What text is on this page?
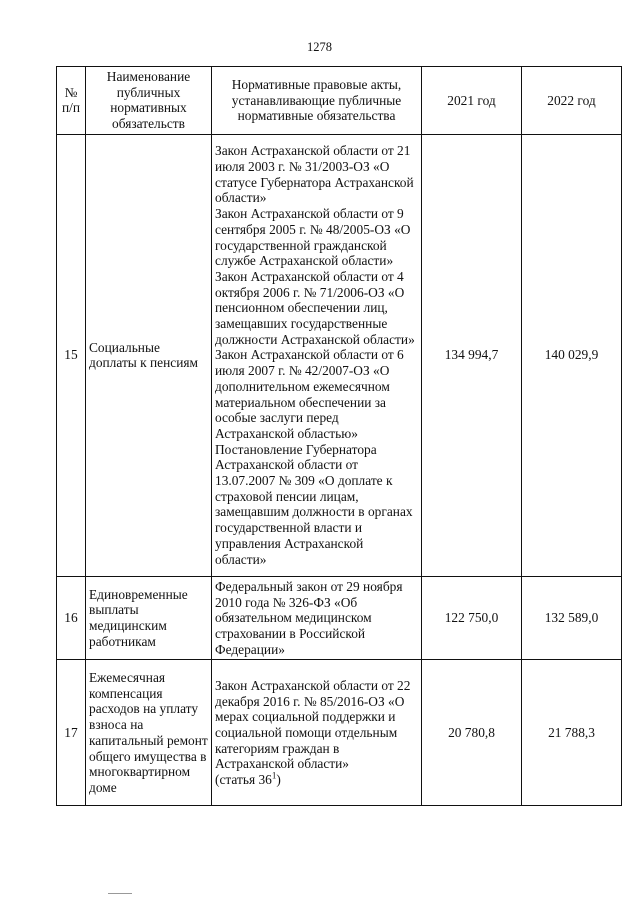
1278
№ п/п	Наименование публичных нормативных обязательств	Нормативные правовые акты, устанавливающие публичные нормативные обязательства	2021 год	2022 год
15	Социальные доплаты к пенсиям	Закон Астраханской области от 21 июля 2003 г. № 31/2003-ОЗ «О статусе Губернатора Астраханской области»
Закон Астраханской области от 9 сентября 2005 г. № 48/2005-ОЗ «О государственной гражданской службе Астраханской области»
Закон Астраханской области от 4 октября 2006 г. № 71/2006-ОЗ «О пенсионном обеспечении лиц, замещавших государственные должности Астраханской области»
Закон Астраханской области от 6 июля 2007 г. № 42/2007-ОЗ «О дополнительном ежемесячном материальном обеспечении за особые заслуги перед Астраханской областью»
Постановление Губернатора Астраханской области от 13.07.2007 № 309 «О доплате к страховой пенсии лицам, замещавшим должности в органах государственной власти и управления Астраханской области»	134 994,7	140 029,9
16	Единовременные выплаты медицинским работникам	Федеральный закон от 29 ноября 2010 года № 326-ФЗ «Об обязательном медицинском страховании в Российской Федерации»	122 750,0	132 589,0
17	Ежемесячная компенсация расходов на уплату взноса на капитальный ремонт общего имущества в многоквартирном доме	Закон Астраханской области от 22 декабря 2016 г. № 85/2016-ОЗ «О мерах социальной поддержки и социальной помощи отдельным категориям граждан в Астраханской области»
(статья $36^1$)	20 780,8	21 788,3
